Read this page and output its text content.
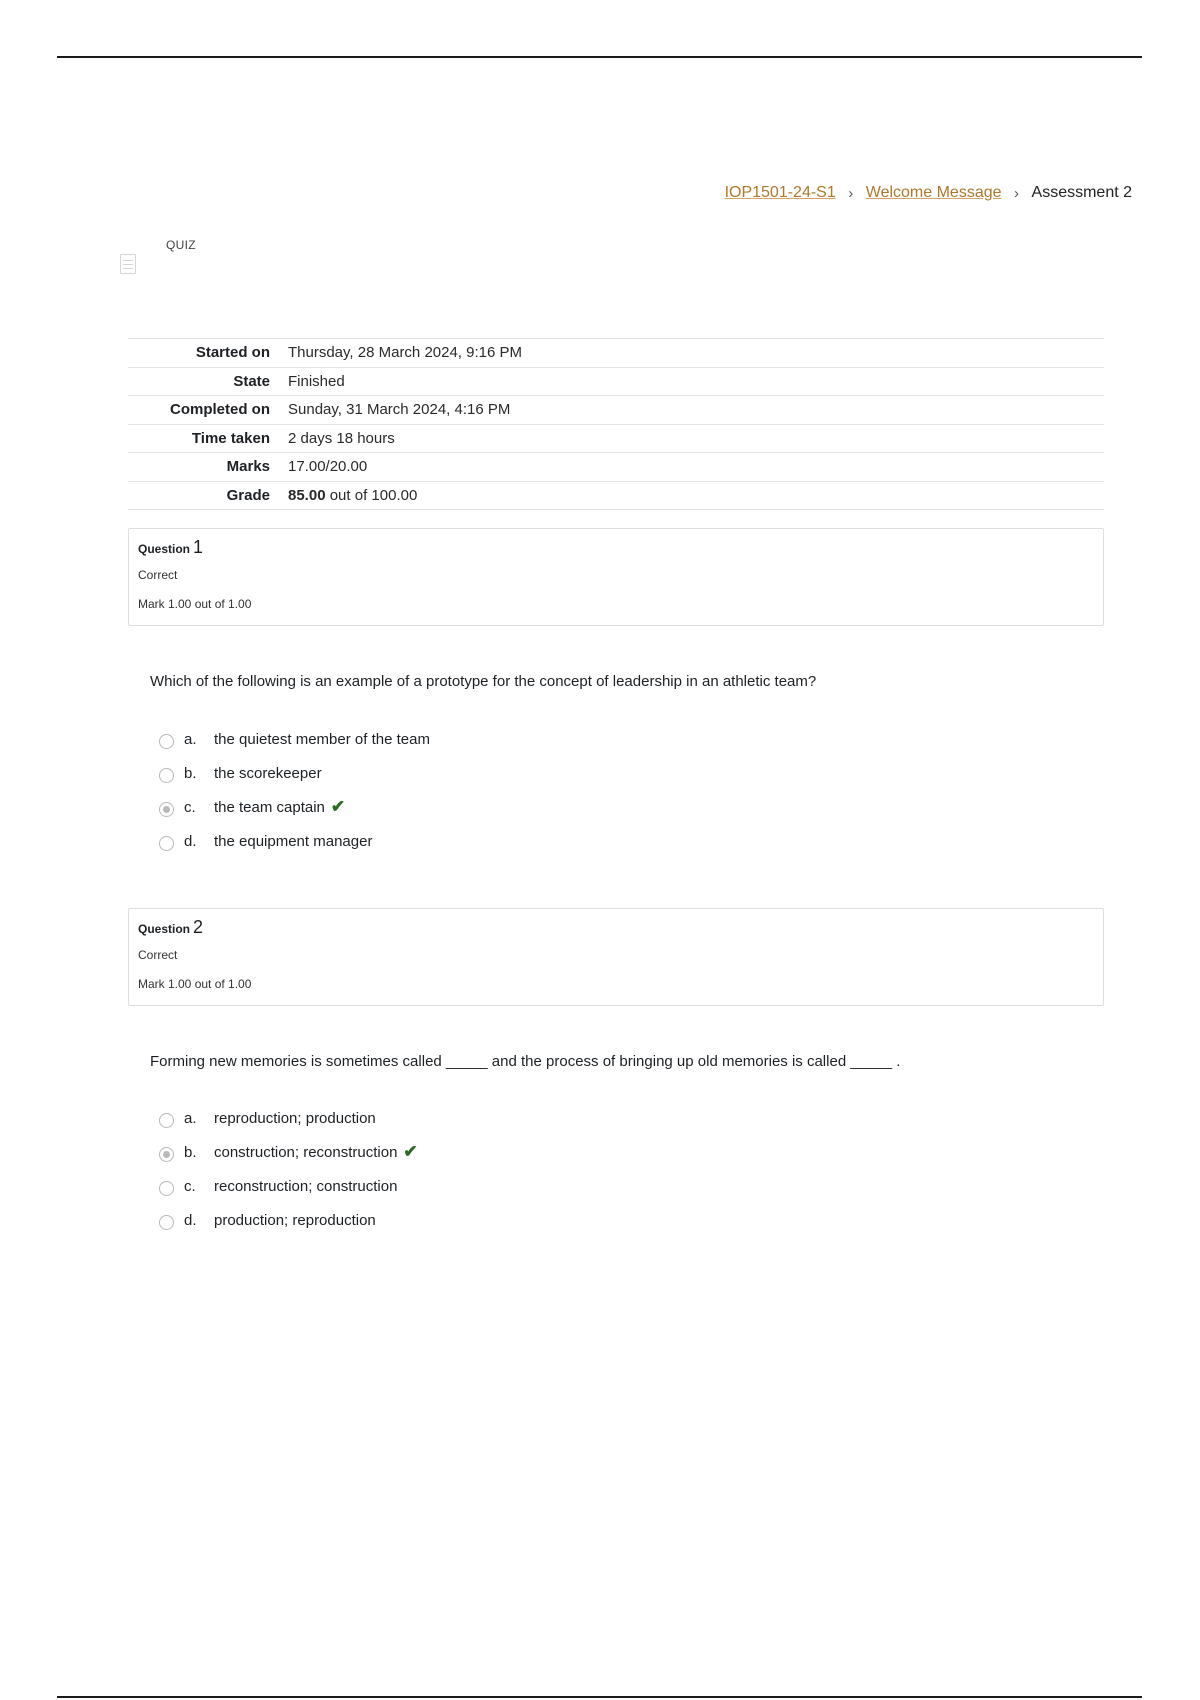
IOP1501-24-S1 › Welcome Message › Assessment 2
QUIZ
Started on	Thursday, 28 March 2024, 9:16 PM
State	Finished
Completed on	Sunday, 31 March 2024, 4:16 PM
Time taken	2 days 18 hours
Marks	17.00/20.00
Grade	85.00 out of 100.00
Question 1
Correct
Mark 1.00 out of 1.00
Which of the following is an example of a prototype for the concept of leadership in an athletic team?
a.	the quietest member of the team
b.	the scorekeeper
c.	the team captain ✔
d.	the equipment manager
Question 2
Correct
Mark 1.00 out of 1.00
Forming new memories is sometimes called _____ and the process of bringing up old memories is called _____ .
a.	reproduction; production
b.	construction; reconstruction ✔
c.	reconstruction; construction
d.	production; reproduction
